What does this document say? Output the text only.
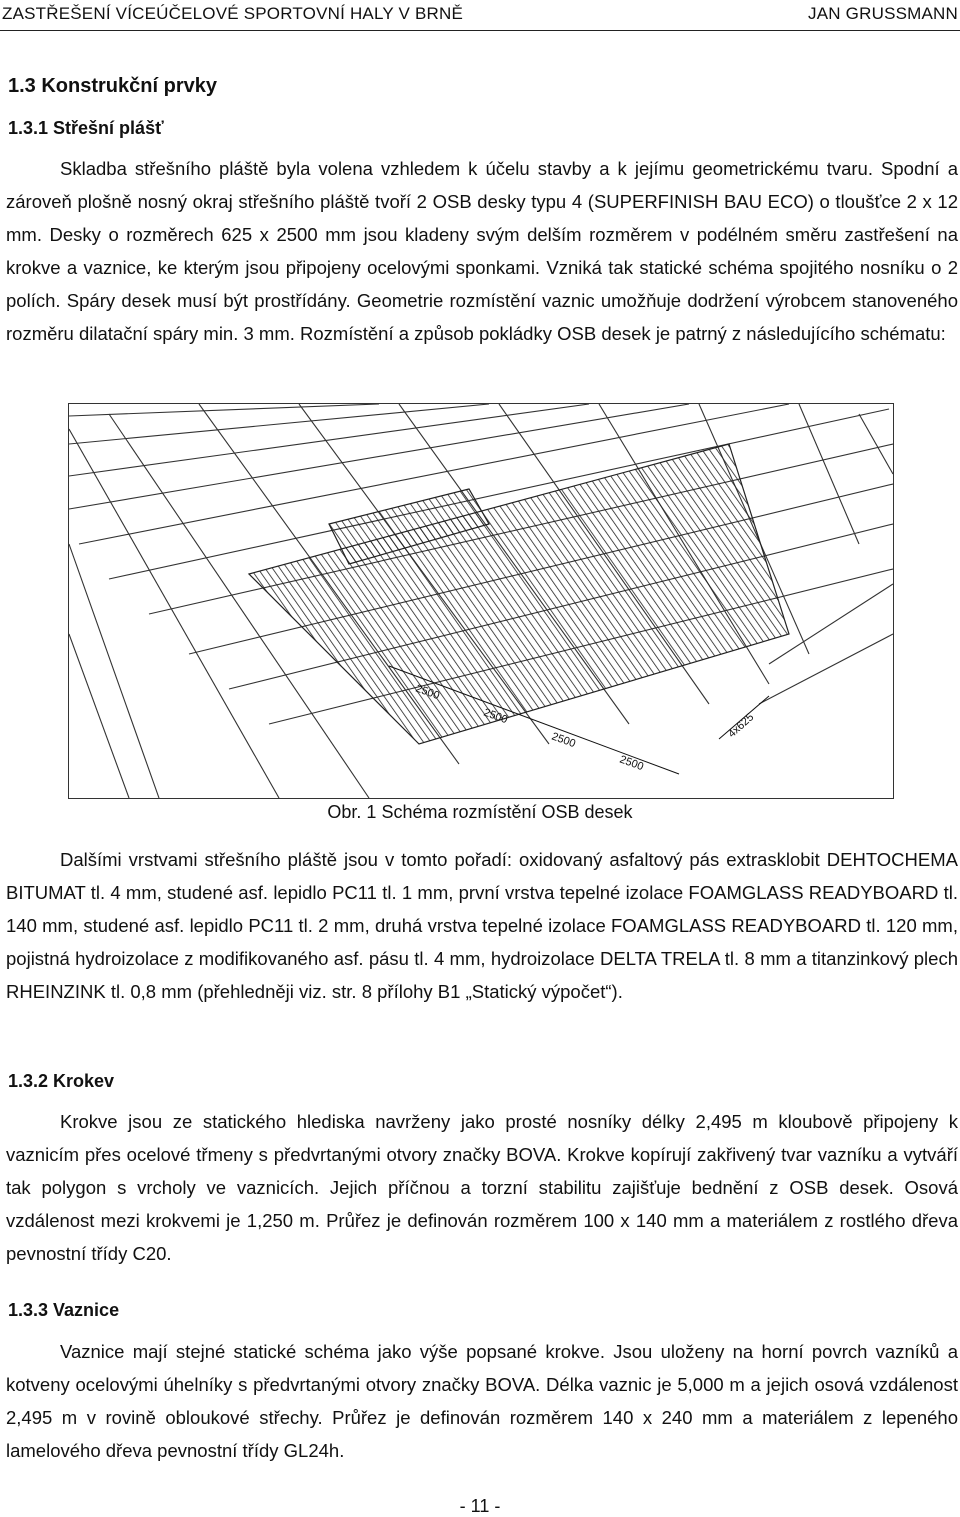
ZASTŘEŠENÍ VÍCEÚČELOVÉ SPORTOVNÍ HALY V BRNĚ	JAN GRUSSMANN
1.3 Konstrukční prvky
1.3.1 Střešní plášť
Skladba střešního pláště byla volena vzhledem k účelu stavby a k jejímu geometrickému tvaru. Spodní a zároveň plošně nosný okraj střešního pláště tvoří 2 OSB desky typu 4 (SUPERFINISH BAU ECO) o tloušťce 2 x 12 mm. Desky o rozměrech 625 x 2500 mm jsou kladeny svým delším rozměrem v podélném směru zastřešení na krokve a vaznice, ke kterým jsou připojeny ocelovými sponkami. Vzniká tak statické schéma spojitého nosníku o 2 polích. Spáry desek musí být prostřídány. Geometrie rozmístění vaznic umožňuje dodržení výrobcem stanoveného rozměru dilatační spáry min. 3 mm. Rozmístění a způsob pokládky OSB desek je patrný z následujícího schématu:
2500
2500
2500
2500
4x625
Obr. 1 Schéma rozmístění OSB desek
Dalšími vrstvami střešního pláště jsou v tomto pořadí: oxidovaný asfaltový pás extrasklobit DEHTOCHEMA BITUMAT tl. 4 mm, studené asf. lepidlo PC11 tl. 1 mm, první vrstva tepelné izolace FOAMGLASS READYBOARD tl. 140 mm, studené asf. lepidlo PC11 tl. 2 mm, druhá vrstva tepelné izolace FOAMGLASS READYBOARD tl. 120 mm, pojistná hydroizolace z modifikovaného asf. pásu tl. 4 mm, hydroizolace DELTA TRELA tl. 8 mm a titanzinkový plech RHEINZINK tl. 0,8 mm (přehledněji viz. str. 8 přílohy B1 „Statický výpočet“).
1.3.2 Krokev
Krokve jsou ze statického hlediska navrženy jako prosté nosníky délky 2,495 m kloubově připojeny k vaznicím přes ocelové třmeny s předvrtanými otvory značky BOVA. Krokve kopírují zakřivený tvar vazníku a vytváří tak polygon s vrcholy ve vaznicích. Jejich příčnou a torzní stabilitu zajišťuje bednění z OSB desek. Osová vzdálenost mezi krokvemi je 1,250 m. Průřez je definován rozměrem 100 x 140 mm a materiálem z rostlého dřeva pevnostní třídy C20.
1.3.3 Vaznice
Vaznice mají stejné statické schéma jako výše popsané krokve. Jsou uloženy na horní povrch vazníků a kotveny ocelovými úhelníky s předvrtanými otvory značky BOVA. Délka vaznic je 5,000 m a jejich osová vzdálenost 2,495 m v rovině obloukové střechy. Průřez je definován rozměrem 140 x 240 mm a materiálem z lepeného lamelového dřeva pevnostní třídy GL24h.
- 11 -
